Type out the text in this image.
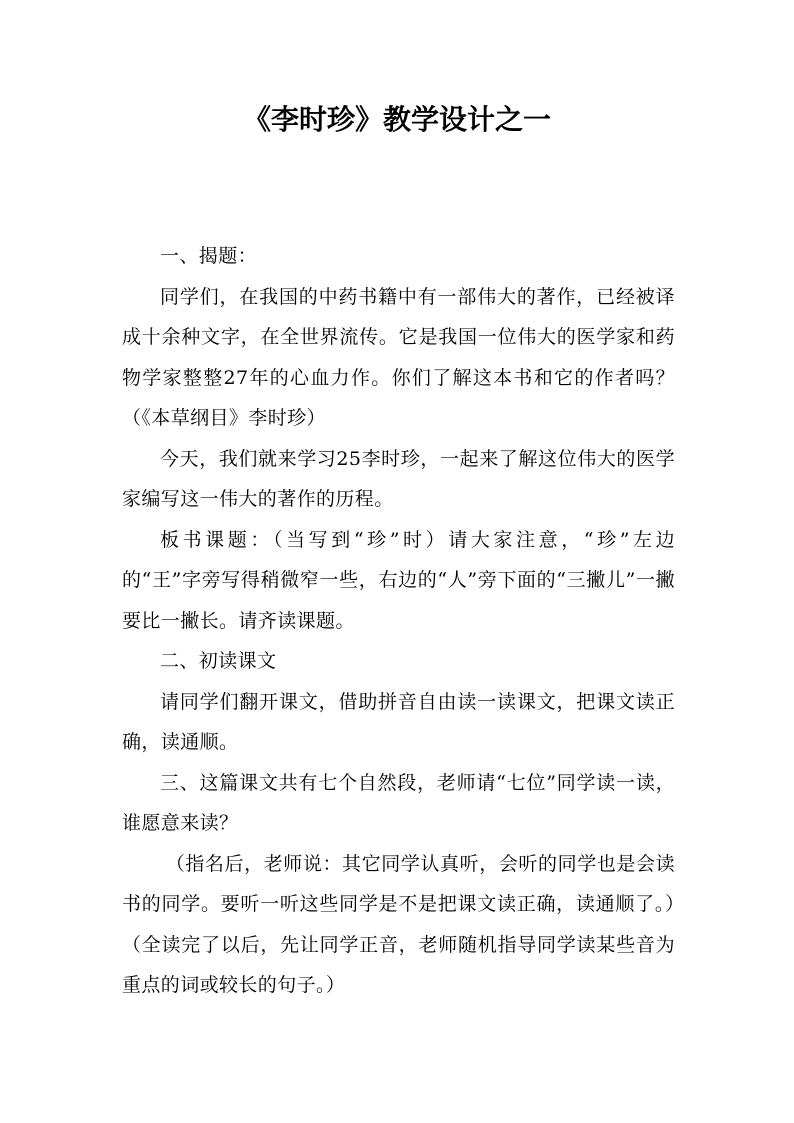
《李时珍》教学设计之一

一、揭题：

同学们，在我国的中药书籍中有一部伟大的著作，已经被译成十余种文字，在全世界流传。它是我国一位伟大的医学家和药物学家整整27年的心血力作。你们了解这本书和它的作者吗？（《本草纲目》李时珍）

今天，我们就来学习25李时珍，一起来了解这位伟大的医学家编写这一伟大的著作的历程。

板书课题：（当写到“珍”时）请大家注意，“珍”左边的“王”字旁写得稍微窄一些，右边的“人”旁下面的“三撇儿”一撇要比一撇长。请齐读课题。

二、初读课文

请同学们翻开课文，借助拼音自由读一读课文，把课文读正确，读通顺。

三、这篇课文共有七个自然段，老师请“七位”同学读一读，谁愿意来读？

（指名后，老师说：其它同学认真听，会听的同学也是会读书的同学。要听一听这些同学是不是把课文读正确，读通顺了。）（全读完了以后，先让同学正音，老师随机指导同学读某些音为重点的词或较长的句子。）
